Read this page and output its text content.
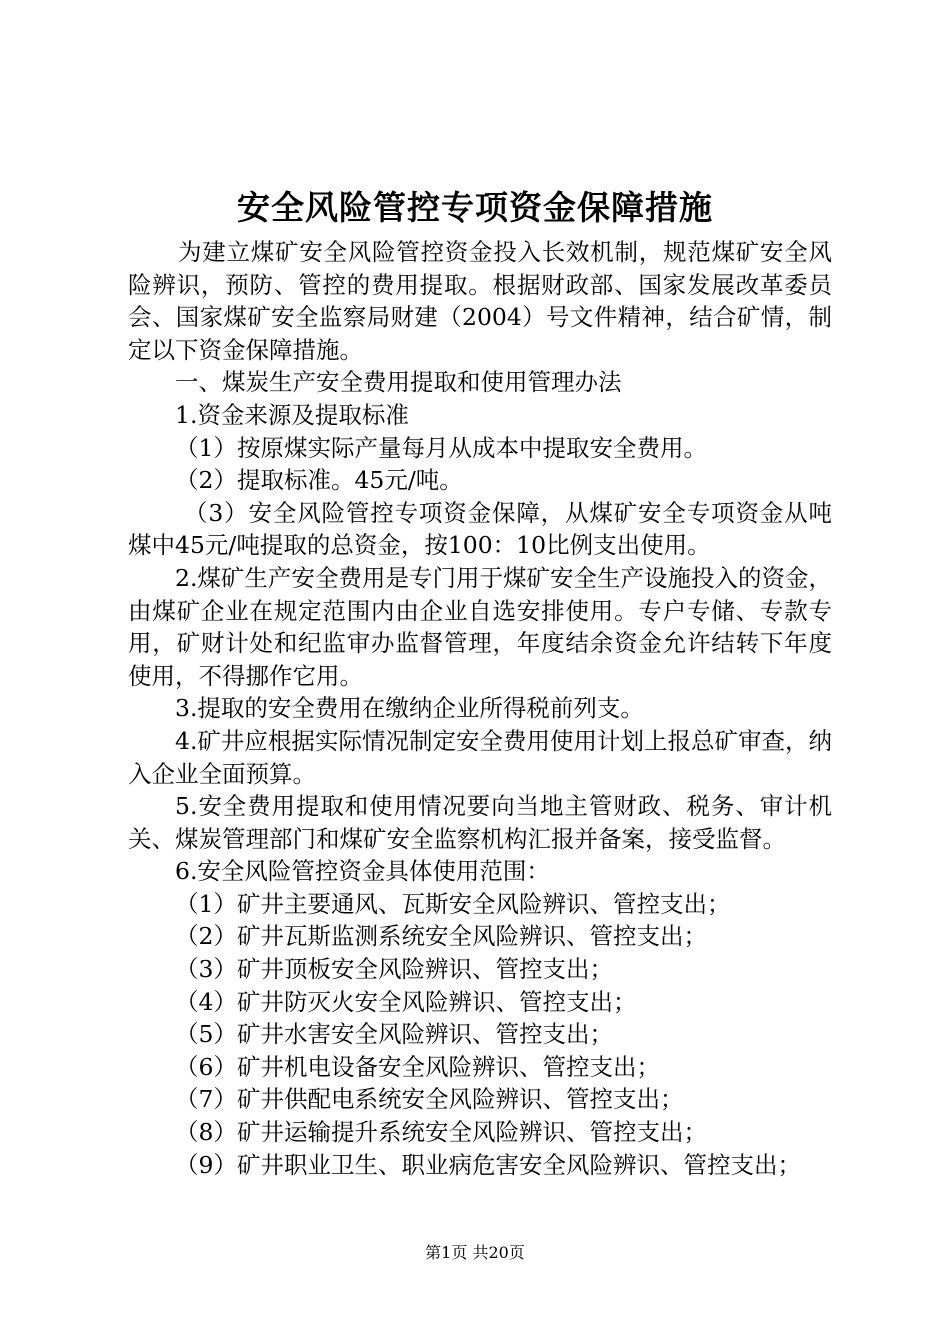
安全风险管控专项资金保障措施

为建立煤矿安全风险管控资金投入长效机制，规范煤矿安全风险辨识，预防、管控的费用提取。根据财政部、国家发展改革委员会、国家煤矿安全监察局财建（2004）号文件精神，结合矿情，制定以下资金保障措施。

一、煤炭生产安全费用提取和使用管理办法

1.资金来源及提取标准

（1）按原煤实际产量每月从成本中提取安全费用。

（2）提取标准。45元/吨。

（3）安全风险管控专项资金保障，从煤矿安全专项资金从吨煤中45元/吨提取的总资金，按100：10比例支出使用。

2.煤矿生产安全费用是专门用于煤矿安全生产设施投入的资金，由煤矿企业在规定范围内由企业自选安排使用。专户专储、专款专用，矿财计处和纪监审办监督管理，年度结余资金允许结转下年度使用，不得挪作它用。

3.提取的安全费用在缴纳企业所得税前列支。

4.矿井应根据实际情况制定安全费用使用计划上报总矿审查，纳入企业全面预算。

5.安全费用提取和使用情况要向当地主管财政、税务、审计机关、煤炭管理部门和煤矿安全监察机构汇报并备案，接受监督。

6.安全风险管控资金具体使用范围：

（1）矿井主要通风、瓦斯安全风险辨识、管控支出；

（2）矿井瓦斯监测系统安全风险辨识、管控支出；

（3）矿井顶板安全风险辨识、管控支出；

（4）矿井防灭火安全风险辨识、管控支出；

（5）矿井水害安全风险辨识、管控支出；

（6）矿井机电设备安全风险辨识、管控支出；

（7）矿井供配电系统安全风险辨识、管控支出；

（8）矿井运输提升系统安全风险辨识、管控支出；

（9）矿井职业卫生、职业病危害安全风险辨识、管控支出；

第1页 共20页
